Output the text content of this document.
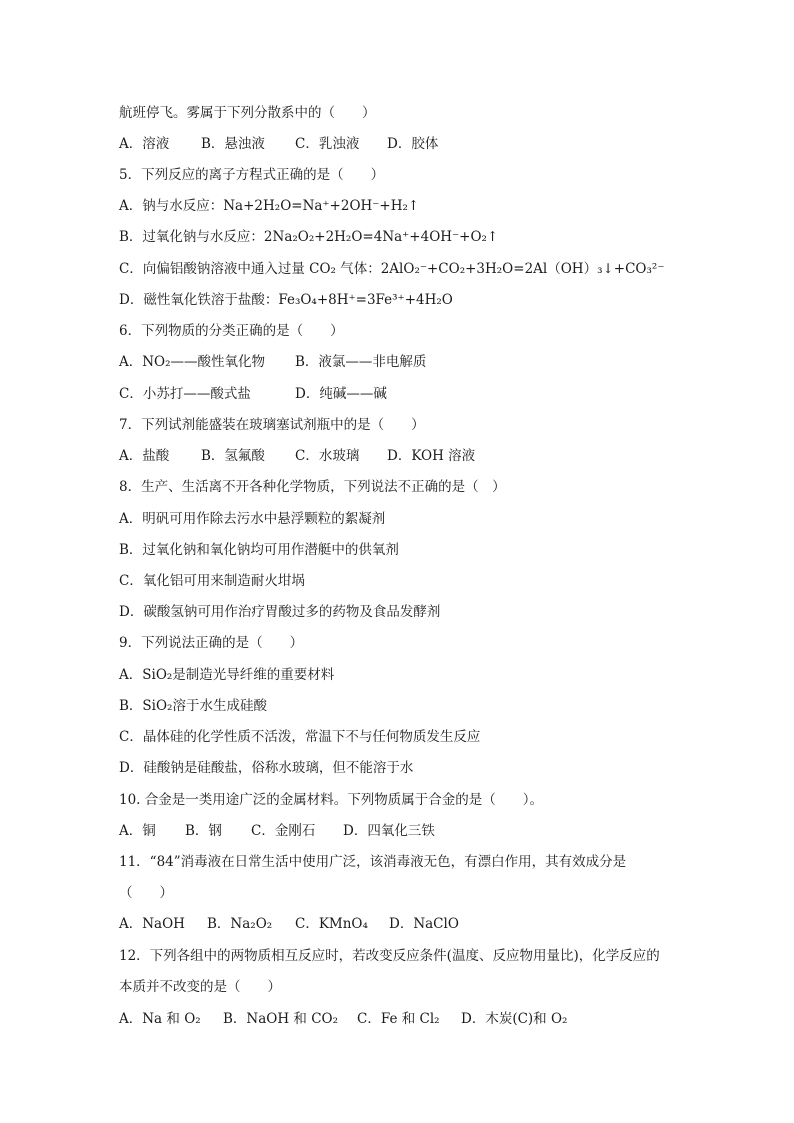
航班停飞。雾属于下列分散系中的（　　）
A．溶液	B．悬浊液	C．乳浊液	D．胶体
5．下列反应的离子方程式正确的是（　　）
A．钠与水反应：Na+2H₂O=Na⁺+2OH⁻+H₂↑
B．过氧化钠与水反应：2Na₂O₂+2H₂O=4Na⁺+4OH⁻+O₂↑
C．向偏铝酸钠溶液中通入过量 CO₂ 气体：2AlO₂⁻+CO₂+3H₂O=2Al（OH）₃↓+CO₃²⁻
D．磁性氧化铁溶于盐酸：Fe₃O₄+8H⁺=3Fe³⁺+4H₂O
6．下列物质的分类正确的是（　　）
A．NO₂——酸性氧化物	B．液氯——非电解质
C．小苏打——酸式盐	D．纯碱——碱
7．下列试剂能盛装在玻璃塞试剂瓶中的是（　　）
A．盐酸	B．氢氟酸	C．水玻璃	D．KOH 溶液
8．生产、生活离不开各种化学物质，下列说法不正确的是（　）
A．明矾可用作除去污水中悬浮颗粒的絮凝剂
B．过氧化钠和氧化钠均可用作潜艇中的供氧剂
C．氧化铝可用来制造耐火坩埚
D．碳酸氢钠可用作治疗胃酸过多的药物及食品发酵剂
9．下列说法正确的是（　　）
A．SiO₂是制造光导纤维的重要材料
B．SiO₂溶于水生成硅酸
C．晶体硅的化学性质不活泼，常温下不与任何物质发生反应
D．硅酸钠是硅酸盐，俗称水玻璃，但不能溶于水
10. 合金是一类用途广泛的金属材料。下列物质属于合金的是（　　）。
A．铜	B．钢	C．金刚石	D．四氧化三铁
11．“84”消毒液在日常生活中使用广泛，该消毒液无色，有漂白作用，其有效成分是
（　　）
A．NaOH	B．Na₂O₂	C．KMnO₄	D．NaClO
12．下列各组中的两物质相互反应时，若改变反应条件(温度、反应物用量比)，化学反应的
本质并不改变的是（　　）
A．Na 和 O₂	B．NaOH 和 CO₂	C．Fe 和 Cl₂	D．木炭(C)和 O₂
